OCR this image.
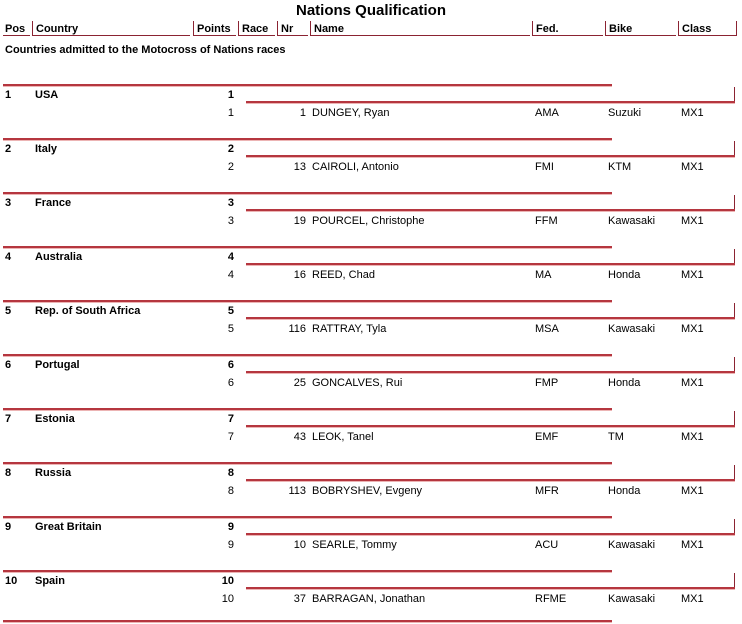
Nations Qualification
Pos Country	Points	Race	Nr	Name	Fed.	Bike	Class
Countries admitted to the Motocross of Nations races
1 USA	1
1	1 DUNGEY, Ryan	AMA	Suzuki	MX1
2 Italy	2
2	13 CAIROLI, Antonio	FMI	KTM	MX1
3 France	3
3	19 POURCEL, Christophe	FFM	Kawasaki MX1
4 Australia	4
4	16 REED, Chad	MA	Honda	MX1
5 Rep. of South Africa	5
5	116 RATTRAY, Tyla	MSA	Kawasaki MX1
6 Portugal	6
6	25 GONCALVES, Rui	FMP	Honda	MX1
7 Estonia	7
7	43 LEOK, Tanel	EMF	TM	MX1
8 Russia	8
8	113 BOBRYSHEV, Evgeny	MFR	Honda	MX1
9 Great Britain	9
9	10 SEARLE, Tommy	ACU	Kawasaki MX1
10 Spain	10
10	37 BARRAGAN, Jonathan	RFME	Kawasaki MX1
